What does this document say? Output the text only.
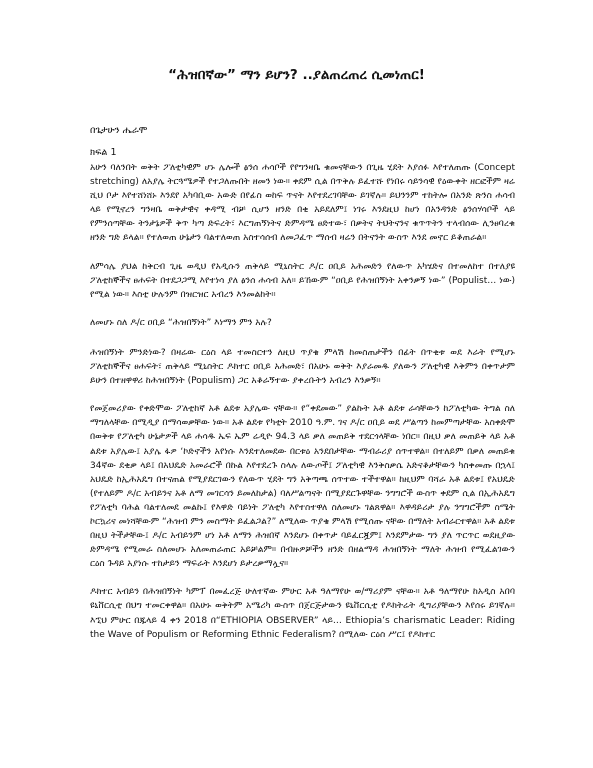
“ሕዝበኛው” ማን ይሆን? ..ያልጠረጠረ ሲመነጠር!
በጌታሁን ሔራሞ
ክፍል 1

አሁን ባለንበት ወቅት ፖለቲካዊም ሆኑ ሌሎች ፅንሰ ሐሳቦች የየግንዛቤ ቁመናቸውን በጊዜ ሂደት እያሰፉ እየተለጠጡ (Concept stretching) ለአያሌ ትርጓሜዎች የተጋለጡበት ዘመን ነው። ቀደም ሲል በጥቅሉ ይፈተሹ የነበሩ ሳይንሳዊ የዕውቀት ዘርፎችም ዛሬ ሺህ ቦታ እየተሸነሸኑ እንደየ አካባቢው አውድ በየፊስ ወከፍ ጥናት እየተደረገባቸው ይገኛሉ። ይህንንም ተከትሎ በአንድ ጽንስ ሐሳብ ላይ የሚኖረን ግንዛቤ ወቅታዊና ቀዳሚ ብቻ ሲሆን ዘንድ በቂ አይደለም፤ ነገሩ እንደዚህ ከሆነ በአንዳንድ ፅንሰሃሳቦች ላይ የምንሰጣቸው ትንታኔዎች ቅጥ ካጣ ድፍረት፣ እርግጠኝነትና ድምዳሜ ፀድተው፣ በቃትና ትህትናንና ቁጥጥትን ተላብሰው ሊንፀባረቁ ዘንድ ግድ ይላል። የተለወጠ ሁኔታን ባልተለወጠ አስተሳሰብ ለመጋፈጥ ማሰብ ዛሬን በትናንት ውስጥ እንደ መኖር ይቆጠራል።

ለምሳሌ ያህል ከቅርብ ጊዜ ወዲህ የአዲሱን ጠቅላይ ሚኒስትር ዶ/ር ዐቢይ አሕመድን የለውጥ አካሄድና በተመለከተ በተለያዩ ፖለቲከኞችና ፀሐፍት በተደጋጋሚ እየተነሳ ያለ ፅንሰ ሐሳብ አለ። ይኸውም “ዐቢይ የሕዝበኝነት አቀንቃኝ ነው” (Populist… ነው) የሚል ነው። እስቲ ሁሉንም በዝርዝር አብረን እንመልከት።

ለመሆኑ ስለ ዶ/ር ዐቢይ “ሕዝበኝነት” እነማን ምን አሉ?

ሕዝበኝነት ምንድነው? በዛሬው ርዕስ ላይ ተመስርተን ለዚህ ጥያቄ ምላሽ ከመስጠታችን በፊት በጥቂቱ ወደ እራት የሚሆኑ ፖለቲከኞችና ፀሐፍት፣ ጠቅላይ ሚኒስትር ዶክተር ዐቢይ አሕመድ፣ በአሁኑ ወቅት እያራመዱ ያለውን ፖለቲካዊ እቅምን በቀጥታም ይሁን በተዘዋዋሪ ከሕዝበኝነት (Populism) ጋር አቆራኝተው ያቀረቡትን አብረን እንቃኝ።

የመጀመሪያው የቀድሞው ፖለቲከኛ አቶ ልደቱ አያሌው ናቸው። የ“ቀደመው” ያልኩት አቶ ልደቱ ራሳቸውን ከፖለቲካው ትግል ስለ ማግለላቸው በሚዲያ በማሳወቃቸው ነው። አቶ ልደቱ የካቲት 2010 ዓ.ም. ገና ዶ/ር ዐቢይ ወደ ሥልጣን ከመምጣታቸው አስቀድሞ በወቅቱ የፖለቲካ ሁኔታዎች ላይ ሐሳዱ ኤፍ ኤም ሬዲዮ 94.3 ላይ ቃለ መጠይቅ ተደርጎላቸው ነበር። በዚህ ቃለ መጠይቅ ላይ አቶ ልደቱ አያሌው፤ አያሌ ፋዎ ‘ኮድኖችን አየነሱ እንደተለመደው በርቱዕ አንደበታቸው ማብራሪያ ሰጥተዋል። በተለይም በቃለ መጠይቁ 34ኛው ደቂቃ ላይ፤ በአህዴድ አመራሮች በኩል እየተደረጉ ስላሉ ለውጦች፤ ፖለቲካዊ እንቅስቃሴ አድናቆታቸውን ካስቀመጡ በኋላ፤ አህዴድ ከኢሕአዴግ በተናጠል የሚያደርገውን የለውጥ ሂደት ግን አቅጣጫ ሰጥተው ተችተዋል። ከዚህም ባሻራ አቶ ልደቱ፤ የአህዴድ (የተለይም ዶ/ር አብይንና አቶ ለማ መገርሳን ይመለከታል) ባለሥልጣናት በሚያደርጉዋቸው ንግግሮች ውስጥ ቀደም ሲል በኢሕአዴግ የፖለቲካ ባሕል ባልተለመደ መልኩ፤ የእዋድ ባይነት ፖለቲካ እየተስተዋለ ስለመሆኑ ገልጸዋል። እዋዳይሪታ ያሉ ንግግሮችም ስሜት ኮርኳሪና መነሻቸውም “ሕዝብ ምን መስማት ይፈልጋል?” ለሚለው ጥያቄ ምላሽ የሚሰጡ ናቸው በማለት አብራርተዋል። አቶ ልደቱ በዚህ ትችታቸው፤ ዶ/ር አብይንም ሆነ አቶ ለማን ሕዝበኛ እንደሆኑ በቀጥታ ባይፈርጇም፤ እንደምታው ግን ያለ ጥርጥር ወደዚያው ድምዳሜ የሚመራ ስለመሆኑ አለመጠራጠር አይቻልም። በብዙዎቻችን ዘንድ በዘልማዳ ሕዝበኝነት ማለት ሕዝብ የሚፈልገውን ርዕስ ጉዳይ አያነሱ ተከታይን ማፍራት እንደሆነ ይታረቃማሏና።

ዶክተር አብይን በሕዝበኝነት ካምፕ በመፈረጅ ሁለተኛው ምሁር አቶ ዓለማየሁ ወ/ማሪያም ናቸው። አቶ ዓለማየሁ ከአዲስ አበባ ዩኒቨርሲቲ በህግ ተመርቀዋል። በአሁኑ ወቅትም አሜሪካ ውስጥ በጀርጅታውን ዩኒቨርሲቲ የዶክትሬት ዲግሪያቸውን እየሰሩ ይገኛሉ። እኚህ ምሁር በጁላይ 4 ቀን 2018 በ“ETHIOPIA OBSERVER” ላይ… Ethiopia’s charismatic Leader: Riding the Wave of Populism or Reforming Ethnic Federalism? በሚለው ርዕስ ሥር፤ የዶክተር
